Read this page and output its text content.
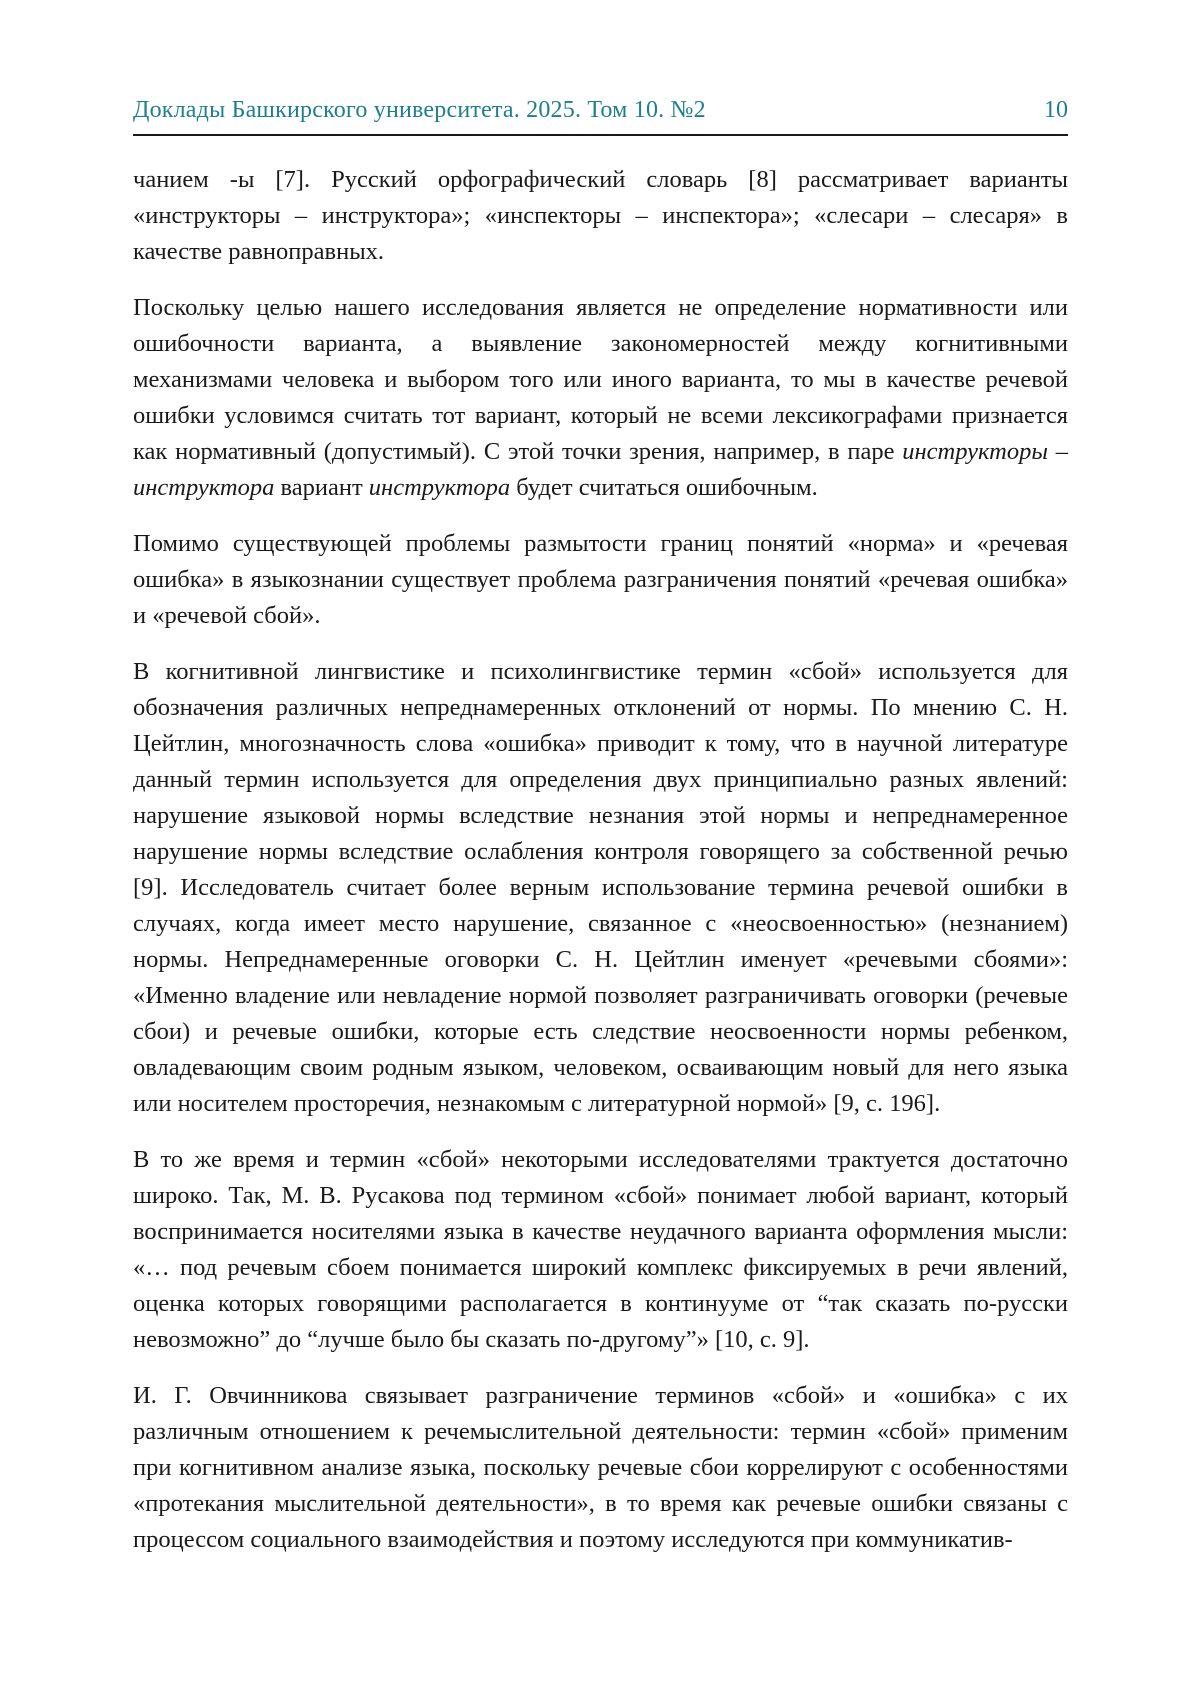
Доклады Башкирского университета. 2025. Том 10. №2	10

чанием -ы [7]. Русский орфографический словарь [8] рассматривает варианты «инструкторы – инструктора»; «инспекторы – инспектора»; «слесари – слесаря» в качестве равноправных.

Поскольку целью нашего исследования является не определение нормативности или ошибочности варианта, а выявление закономерностей между когнитивными механизмами человека и выбором того или иного варианта, то мы в качестве речевой ошибки условимся считать тот вариант, который не всеми лексикографами признается как нормативный (допустимый). С этой точки зрения, например, в паре инструкторы – инструктора вариант инструктора будет считаться ошибочным.

Помимо существующей проблемы размытости границ понятий «норма» и «речевая ошибка» в языкознании существует проблема разграничения понятий «речевая ошибка» и «речевой сбой».

В когнитивной лингвистике и психолингвистике термин «сбой» используется для обозначения различных непреднамеренных отклонений от нормы. По мнению С. Н. Цейтлин, многозначность слова «ошибка» приводит к тому, что в научной литературе данный термин используется для определения двух принципиально разных явлений: нарушение языковой нормы вследствие незнания этой нормы и непреднамеренное нарушение нормы вследствие ослабления контроля говорящего за собственной речью [9]. Исследователь считает более верным использование термина речевой ошибки в случаях, когда имеет место нарушение, связанное с «неосвоенностью» (незнанием) нормы. Непреднамеренные оговорки С. Н. Цейтлин именует «речевыми сбоями»: «Именно владение или невладение нормой позволяет разграничивать оговорки (речевые сбои) и речевые ошибки, которые есть следствие неосвоенности нормы ребенком, овладевающим своим родным языком, человеком, осваивающим новый для него языка или носителем просторечия, незнакомым с литературной нормой» [9, с. 196].

В то же время и термин «сбой» некоторыми исследователями трактуется достаточно широко. Так, М. В. Русакова под термином «сбой» понимает любой вариант, который воспринимается носителями языка в качестве неудачного варианта оформления мысли: «… под речевым сбоем понимается широкий комплекс фиксируемых в речи явлений, оценка которых говорящими располагается в континууме от “так сказать по-русски невозможно” до “лучше было бы сказать по-другому”» [10, с. 9].

И. Г. Овчинникова связывает разграничение терминов «сбой» и «ошибка» с их различным отношением к речемыслительной деятельности: термин «сбой» применим при когнитивном анализе языка, поскольку речевые сбои коррелируют с особенностями «протекания мыслительной деятельности», в то время как речевые ошибки связаны с процессом социального взаимодействия и поэтому исследуются при коммуникатив-
